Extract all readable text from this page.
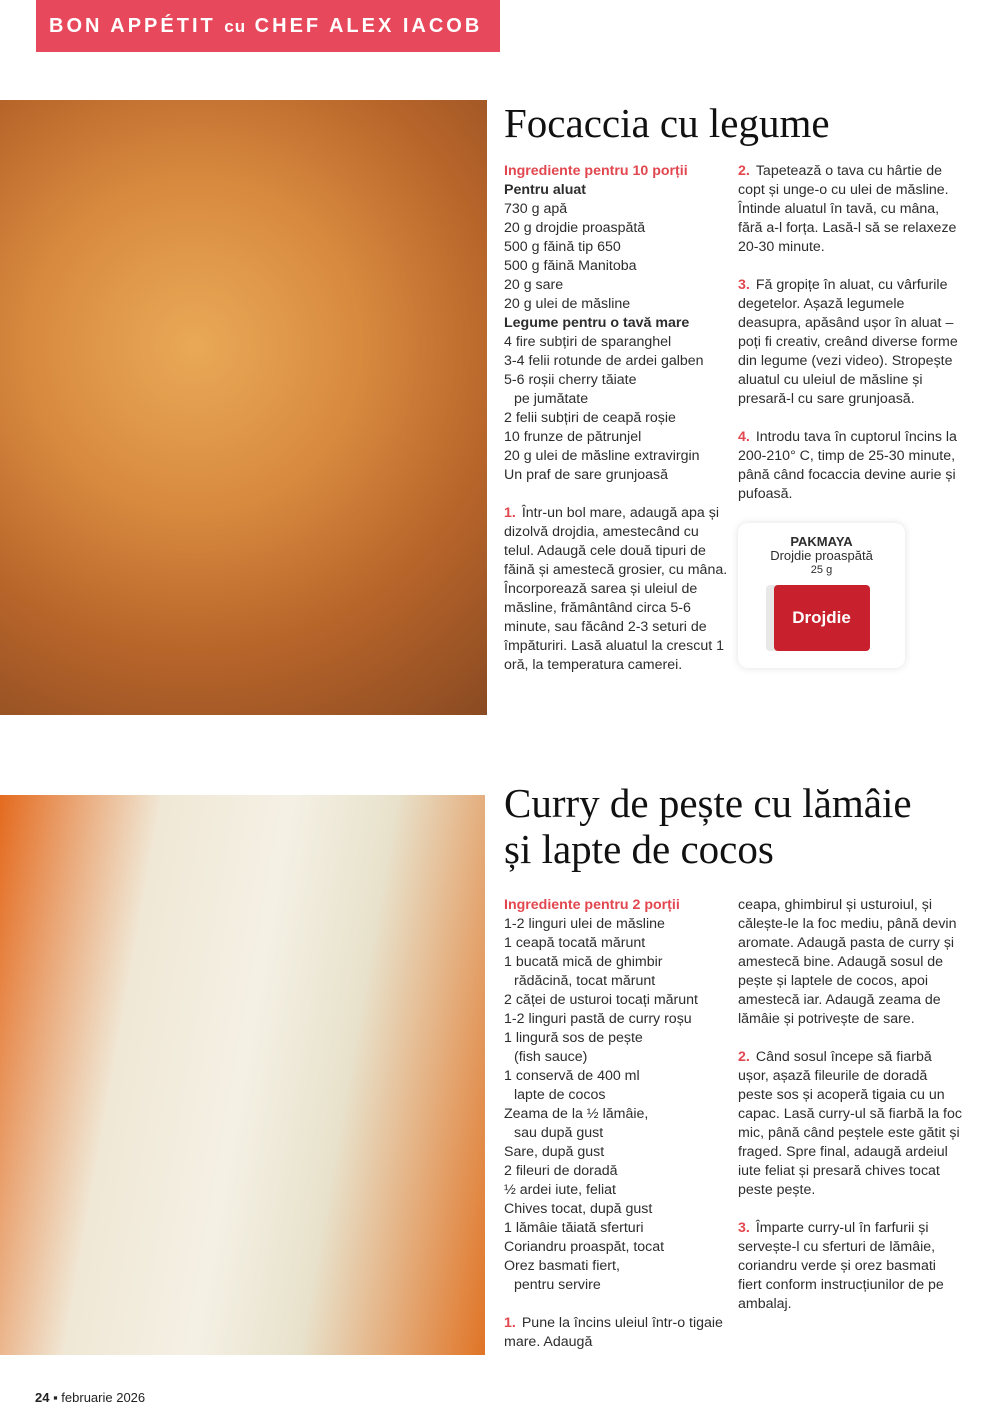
BON APPÉTIT cu CHEF ALEX IACOB
Focaccia cu legume
Ingrediente pentru 10 porții
Pentru aluat
730 g apă
20 g drojdie proaspătă
500 g făină tip 650
500 g făină Manitoba
20 g sare
20 g ulei de măsline
Legume pentru o tavă mare
4 fire subțiri de sparanghel
3-4 felii rotunde de ardei galben
5-6 roșii cherry tăiate
pe jumătate
2 felii subțiri de ceapă roșie
10 frunze de pătrunjel
20 g ulei de măsline extravirgin
Un praf de sare grunjoasă
1. Într-un bol mare, adaugă apa și dizolvă drojdia, amestecând cu telul. Adaugă cele două tipuri de făină și amestecă grosier, cu mâna. Încorporează sarea și uleiul de măsline, frământând circa 5-6 minute, sau făcând 2-3 seturi de împăturiri. Lasă aluatul la crescut 1 oră, la temperatura camerei.

2. Tapetează o tava cu hârtie de copt și unge-o cu ulei de măsline. Întinde aluatul în tavă, cu mâna, fără a-l forța. Lasă-l să se relaxeze 20-30 minute.

3. Fă gropițe în aluat, cu vârfurile degetelor. Așază legumele deasupra, apăsând ușor în aluat – poți fi creativ, creând diverse forme din legume (vezi video). Stropește aluatul cu uleiul de măsline și presară-l cu sare grunjoasă.

4. Introdu tava în cuptorul încins la 200-210° C, timp de 25-30 minute, până când focaccia devine aurie și pufoasă.

PAKMAYA
Drojdie proaspătă
25 g
Drojdie
Curry de pește cu lămâie
și lapte de cocos
Ingrediente pentru 2 porții
1-2 linguri ulei de măsline
1 ceapă tocată mărunt
1 bucată mică de ghimbir
rădăcină, tocat mărunt
2 căței de usturoi tocați mărunt
1-2 linguri pastă de curry roșu
1 lingură sos de pește
(fish sauce)
1 conservă de 400 ml
lapte de cocos
Zeama de la ½ lămâie,
sau după gust
Sare, după gust
2 fileuri de doradă
½ ardei iute, feliat
Chives tocat, după gust
1 lămâie tăiată sferturi
Coriandru proaspăt, tocat
Orez basmati fiert,
pentru servire
1. Pune la încins uleiul într-o tigaie mare. Adaugă

ceapa, ghimbirul și usturoiul, și călește-le la foc mediu, până devin aromate. Adaugă pasta de curry și amestecă bine. Adaugă sosul de pește și laptele de cocos, apoi amestecă iar. Adaugă zeama de lămâie și potrivește de sare.

2. Când sosul începe să fiarbă ușor, așază fileurile de doradă peste sos și acoperă tigaia cu un capac. Lasă curry-ul să fiarbă la foc mic, până când peștele este gătit și fraged. Spre final, adaugă ardeiul iute feliat și presară chives tocat peste pește.

3. Împarte curry-ul în farfurii și servește-l cu sferturi de lămâie, coriandru verde și orez basmati fiert conform instrucțiunilor de pe ambalaj.

24 ▪ februarie 2026
